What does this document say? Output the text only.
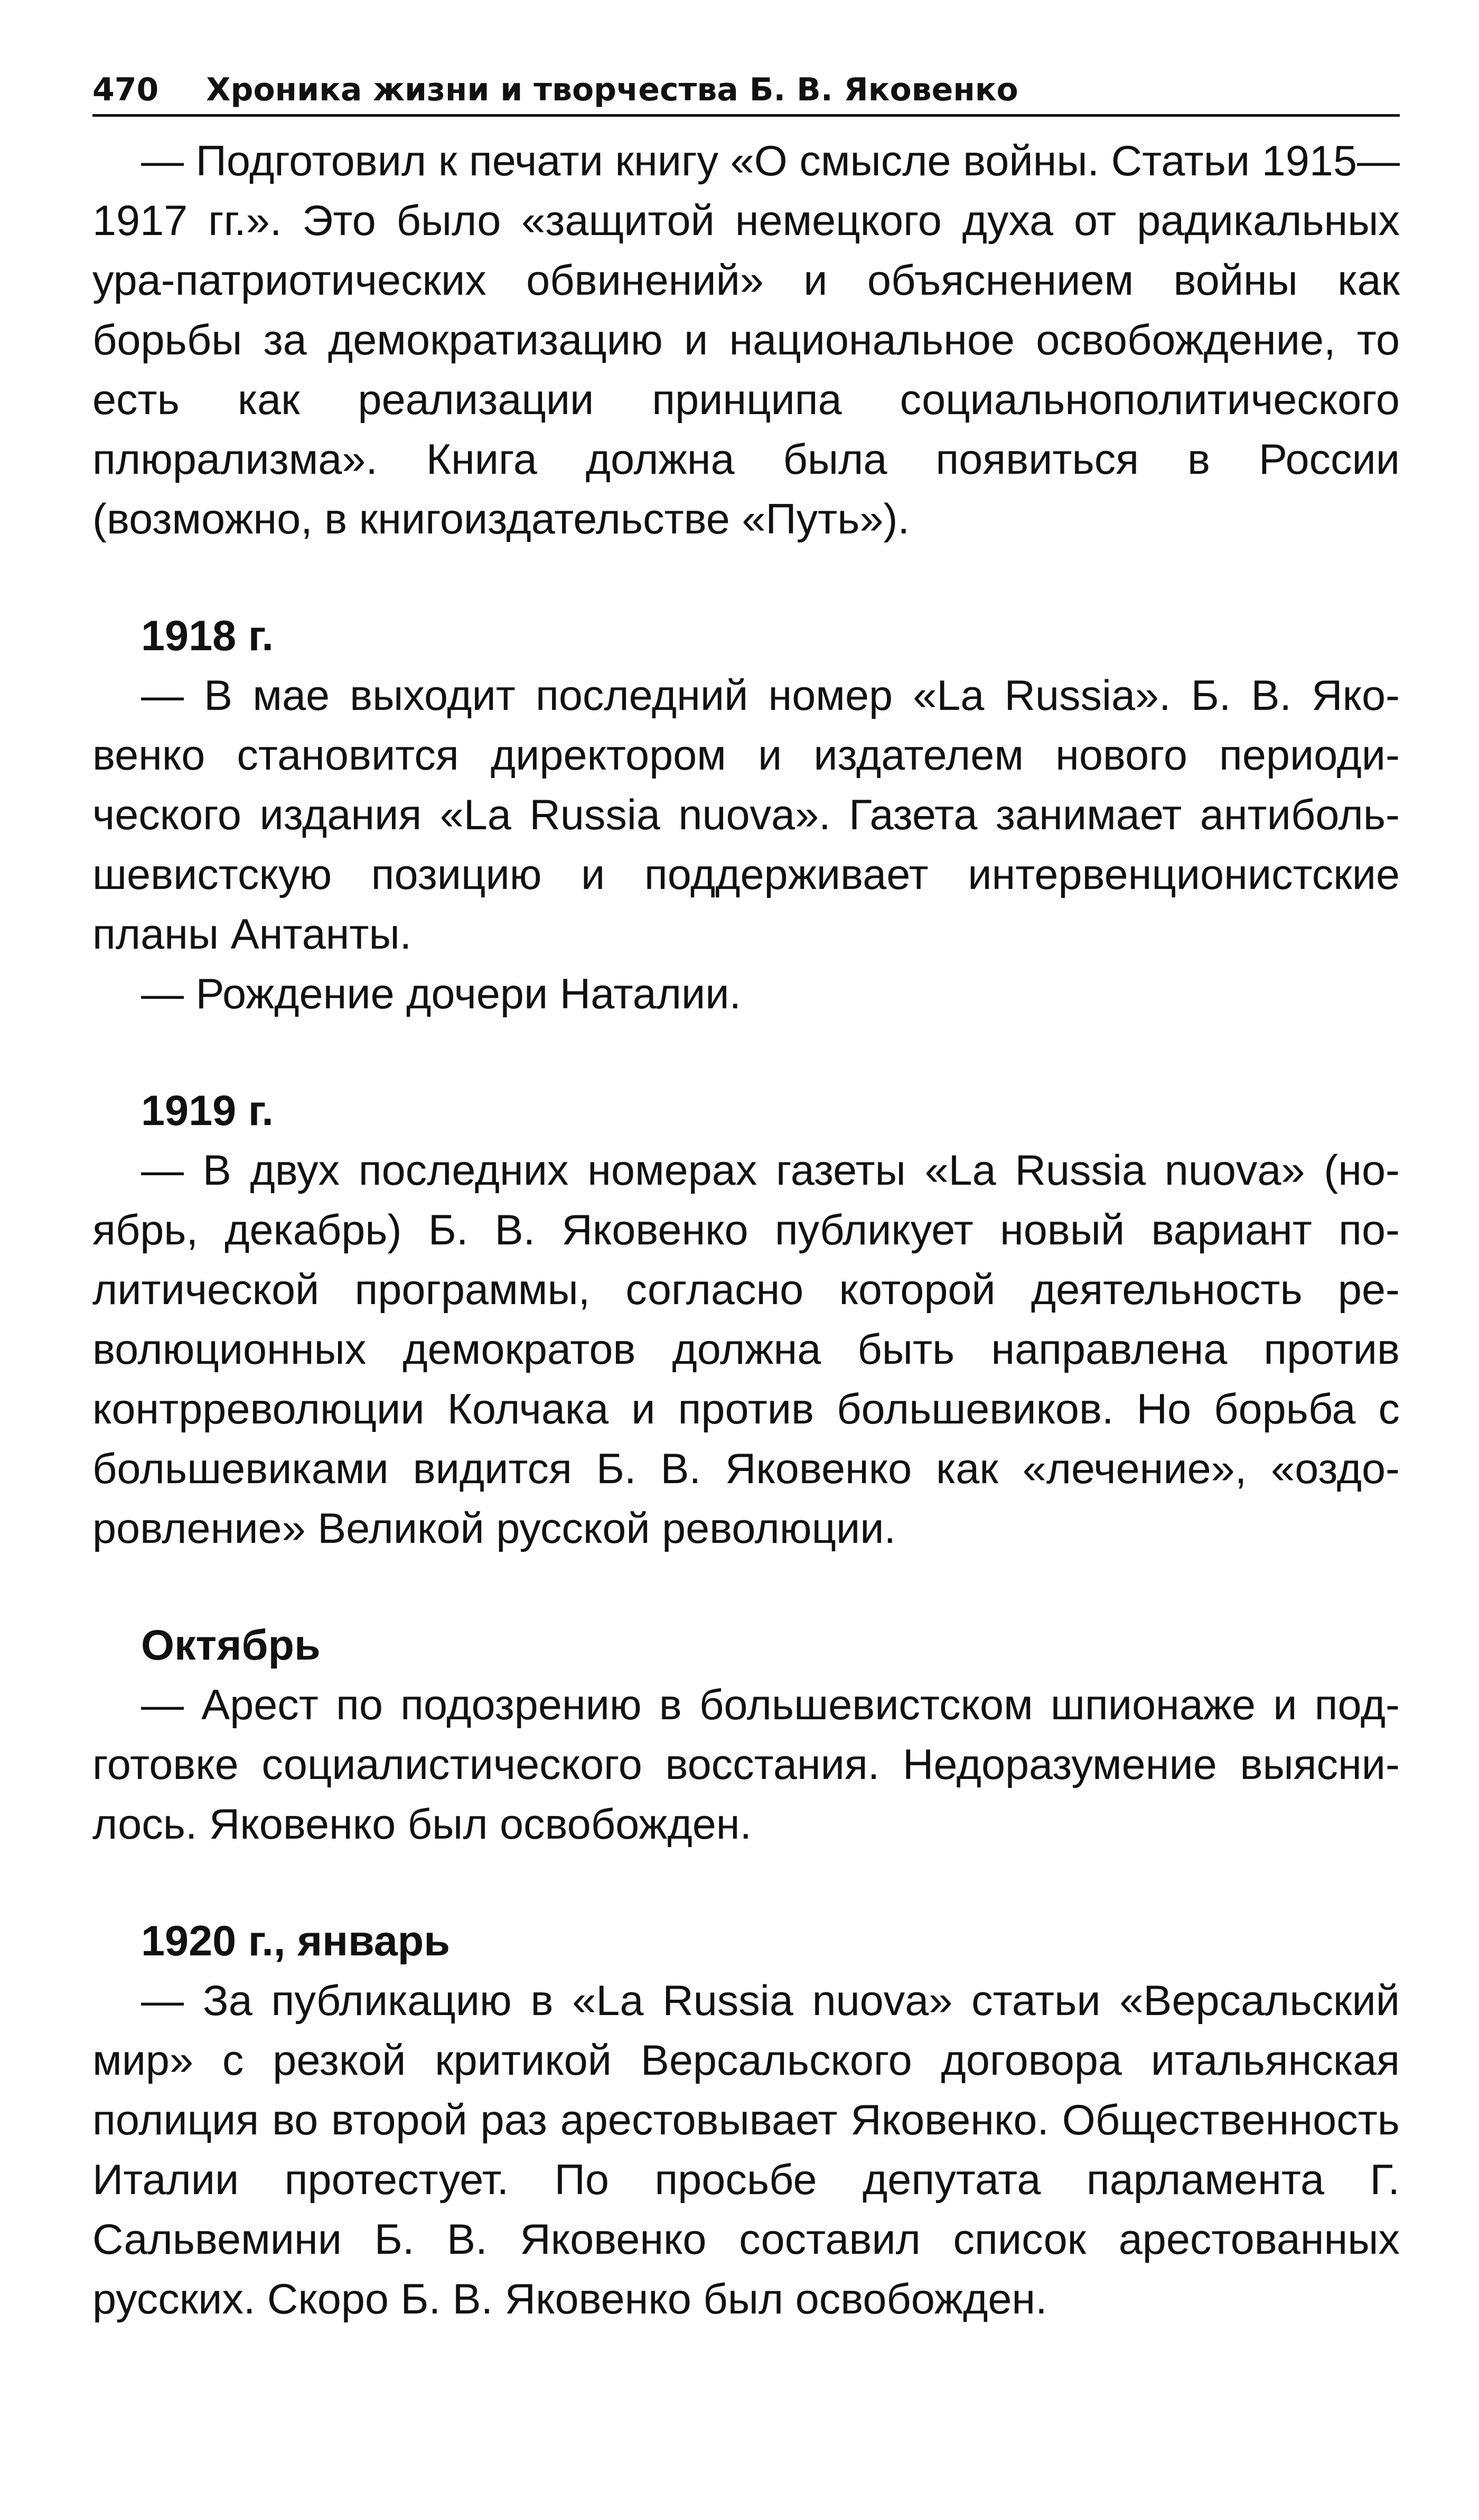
470 Хроника жизни и творчества Б. В. Яковенко

— Подготовил к печати книгу «О смысле войны. Статьи 1915—1917 гг.». Это было «защитой немецкого духа от радикальных ура-патриотических обвинений» и объяснением войны как борьбы за демократизацию и национальное освобождение, то есть как реализации принципа социальнополитического плюрализма». Книга должна была появиться в России (возможно, в книгоиздательстве «Путь»).

1918 г.

— В мае выходит последний номер «La Russia». Б. В. Яковенко становится директором и издателем нового периодического издания «La Russia nuova». Газета занимает антибольшевистскую позицию и поддерживает интервенционистские планы Антанты.

— Рождение дочери Наталии.

1919 г.

— В двух последних номерах газеты «La Russia nuova» (ноябрь, декабрь) Б. В. Яковенко публикует новый вариант политической программы, согласно которой деятельность революционных демократов должна быть направлена против контрреволюции Колчака и против большевиков. Но борьба с большевиками видится Б. В. Яковенко как «лечение», «оздоровление» Великой русской революции.

Октябрь

— Арест по подозрению в большевистском шпионаже и подготовке социалистического восстания. Недоразумение выяснилось. Яковенко был освобожден.

1920 г., январь

— За публикацию в «La Russia nuova» статьи «Версальский мир» с резкой критикой Версальского договора итальянская полиция во второй раз арестовывает Яковенко. Общественность Италии протестует. По просьбе депутата парламента Г. Сальвемини Б. В. Яковенко составил список арестованных русских. Скоро Б. В. Яковенко был освобожден.
